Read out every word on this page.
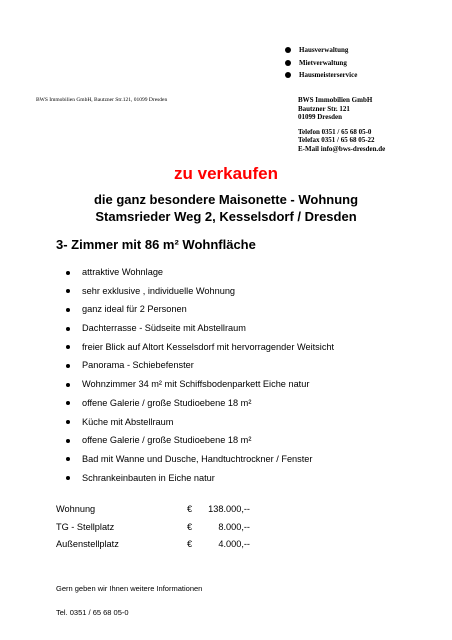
Hausverwaltung
Mietverwaltung
Hausmeisterservice
BWS Immobilien GmbH, Bautzner Str.121, 01099 Dresden	BWS Immobilien GmbH
Bautzner Str. 121
01099 Dresden
Telefon 0351 / 65 68 05-0
Telefax 0351 / 65 68 05-22
E-Mail info@bws-dresden.de
zu verkaufen
die ganz besondere Maisonette - Wohnung
Stamsrieder Weg 2, Kesselsdorf / Dresden
3- Zimmer mit 86 m² Wohnfläche
attraktive Wohnlage
sehr exklusive , individuelle Wohnung
ganz ideal für 2 Personen
Dachterrasse - Südseite mit Abstellraum
freier Blick auf Altort Kesselsdorf mit hervorragender Weitsicht
Panorama - Schiebefenster
Wohnzimmer 34 m² mit Schiffsbodenparkett Eiche natur
offene Galerie / große Studioebene 18 m²
Küche mit Abstellraum
offene Galerie / große Studioebene 18 m²
Bad mit Wanne und Dusche, Handtuchtrockner / Fenster
Schrankeinbauten in Eiche natur
Wohnung	€	138.000,--
TG - Stellplatz	€	8.000,--
Außenstellplatz	€	4.000,--
Gern geben wir Ihnen weitere Informationen
Tel. 0351 / 65 68 05-0
